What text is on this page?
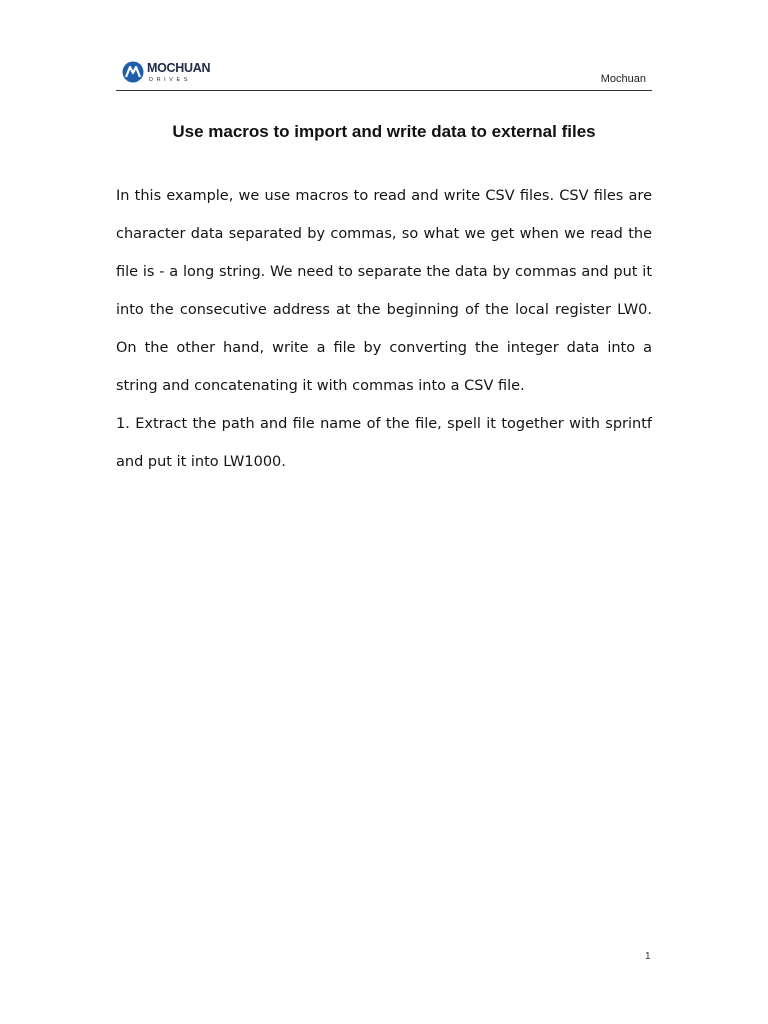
MOCHUAN
DRIVES	Mochuan
Use macros to import and write data to external files

In this example, we use macros to read and write CSV files. CSV files are character data separated by commas, so what we get when we read the file is - a long string. We need to separate the data by commas and put it into the consecutive address at the beginning of the local register LW0. On the other hand, write a file by converting the integer data into a string and concatenating it with commas into a CSV file.

1. Extract the path and file name of the file, spell it together with sprintf and put it into LW1000.

1
